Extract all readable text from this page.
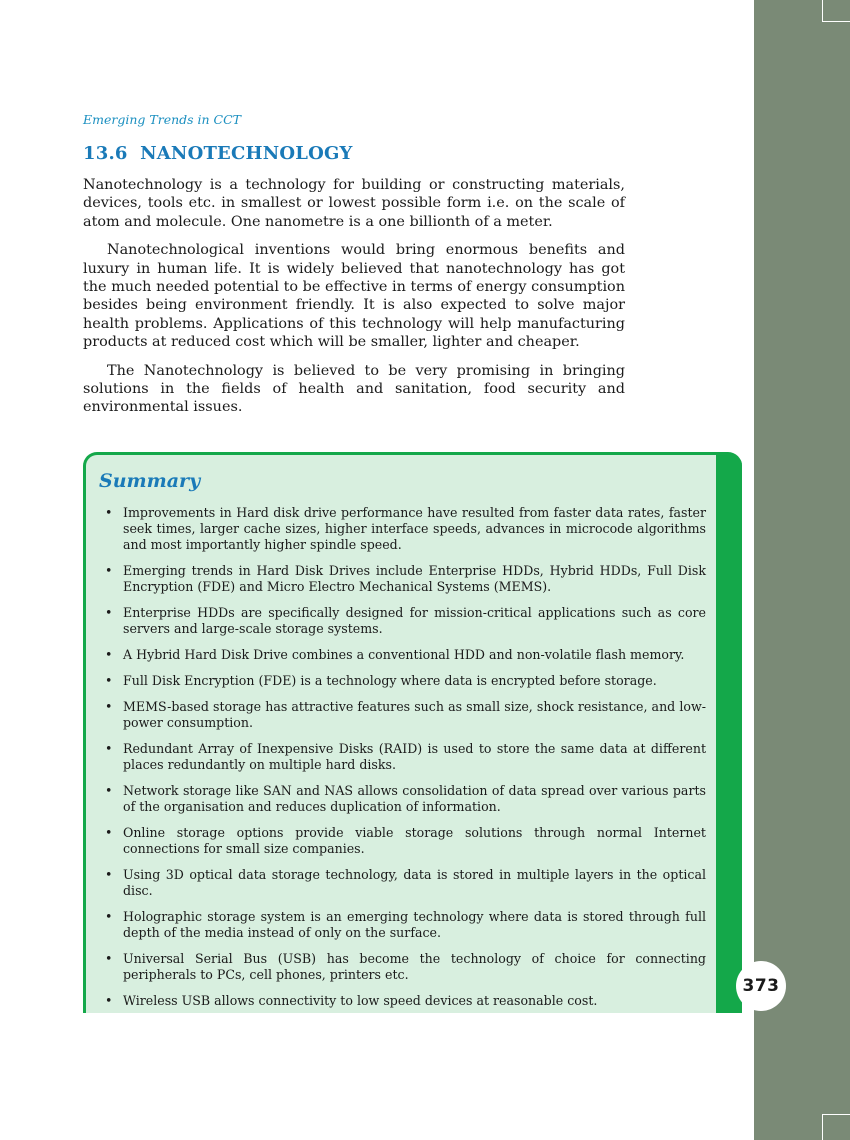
Emerging Trends in CCT
13.6 NANOTECHNOLOGY

Nanotechnology is a technology for building or constructing materials, devices, tools etc. in smallest or lowest possible form i.e. on the scale of atom and molecule. One nanometre is a one billionth of a meter.

Nanotechnological inventions would bring enormous benefits and luxury in human life. It is widely believed that nanotechnology has got the much needed potential to be effective in terms of energy consumption besides being environment friendly. It is also expected to solve major health problems. Applications of this technology will help manufacturing products at reduced cost which will be smaller, lighter and cheaper.

The Nanotechnology is believed to be very promising in bringing solutions in the fields of health and sanitation, food security and environmental issues.

Summary
• Improvements in Hard disk drive performance have resulted from faster data rates, faster seek times, larger cache sizes, higher interface speeds, advances in microcode algorithms and most importantly higher spindle speed.
• Emerging trends in Hard Disk Drives include Enterprise HDDs, Hybrid HDDs, Full Disk Encryption (FDE) and Micro Electro Mechanical Systems (MEMS).
• Enterprise HDDs are specifically designed for mission-critical applications such as core servers and large-scale storage systems.
• A Hybrid Hard Disk Drive combines a conventional HDD and non-volatile flash memory.
• Full Disk Encryption (FDE) is a technology where data is encrypted before storage.
• MEMS-based storage has attractive features such as small size, shock resistance, and low-power consumption.
• Redundant Array of Inexpensive Disks (RAID) is used to store the same data at different places redundantly on multiple hard disks.
• Network storage like SAN and NAS allows consolidation of data spread over various parts of the organisation and reduces duplication of information.
• Online storage options provide viable storage solutions through normal Internet connections for small size companies.
• Using 3D optical data storage technology, data is stored in multiple layers in the optical disc.
• Holographic storage system is an emerging technology where data is stored through full depth of the media instead of only on the surface.
• Universal Serial Bus (USB) has become the technology of choice for connecting peripherals to PCs, cell phones, printers etc.
• Wireless USB allows connectivity to low speed devices at reasonable cost.
373
